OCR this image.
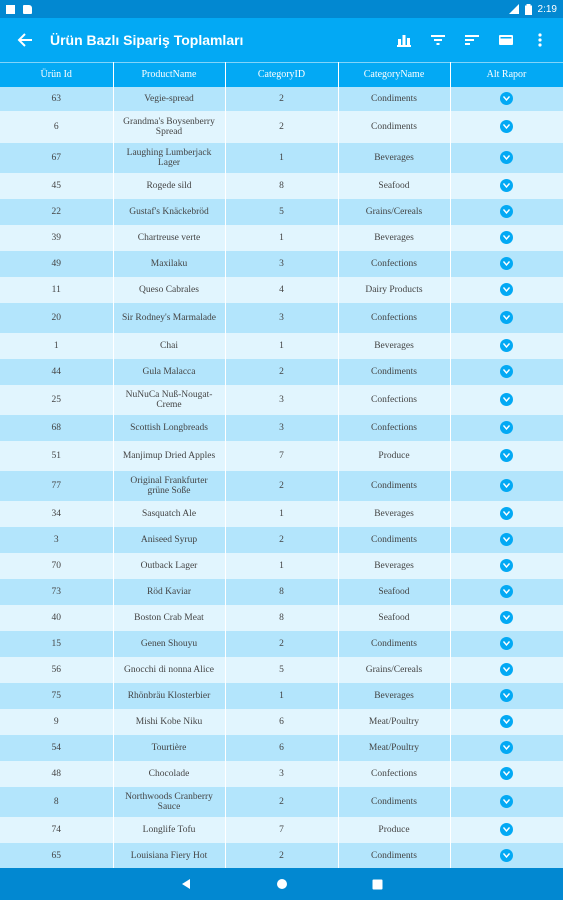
2:19
Ürün Bazlı Sipariş Toplamları
Ürün Id	ProductName	CategoryID	CategoryName	Alt Rapor
63	Vegie-spread	2	Condiments	

6	Grandma's Boysenberry Spread	2	Condiments	

67	Laughing Lumberjack Lager	1	Beverages	

45	Rogede sild	8	Seafood	

22	Gustaf's Knäckebröd	5	Grains/Cereals	

39	Chartreuse verte	1	Beverages	

49	Maxilaku	3	Confections	

11	Queso Cabrales	4	Dairy Products	

20	Sir Rodney's Marmalade	3	Confections	

1	Chai	1	Beverages	

44	Gula Malacca	2	Condiments	

25	NuNuCa Nuß-Nougat-Creme	3	Confections	

68	Scottish Longbreads	3	Confections	

51	Manjimup Dried Apples	7	Produce	

77	Original Frankfurter grüne Soße	2	Condiments	

34	Sasquatch Ale	1	Beverages	

3	Aniseed Syrup	2	Condiments	

70	Outback Lager	1	Beverages	

73	Röd Kaviar	8	Seafood	

40	Boston Crab Meat	8	Seafood	

15	Genen Shouyu	2	Condiments	

56	Gnocchi di nonna Alice	5	Grains/Cereals	

75	Rhönbräu Klosterbier	1	Beverages	

9	Mishi Kobe Niku	6	Meat/Poultry	

54	Tourtière	6	Meat/Poultry	

48	Chocolade	3	Confections	

8	Northwoods Cranberry Sauce	2	Condiments	

74	Longlife Tofu	7	Produce	

65	Louisiana Fiery Hot	2	Condiments	
